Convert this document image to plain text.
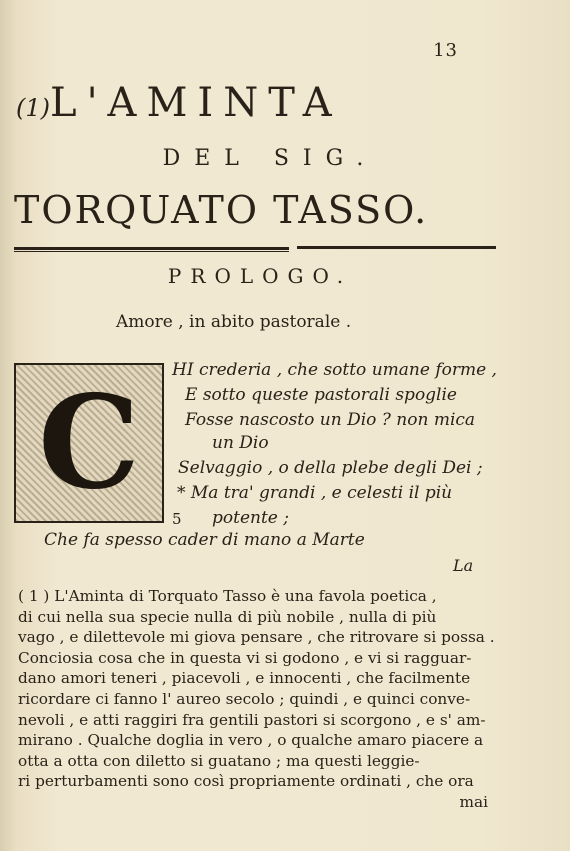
13
(1)L'AMINTA
DEL SIG.
TORQUATO TASSO.
PROLOGO.
Amore , in abito pastorale .
C	HI crederia , che sotto umane forme ,
E sotto queste pastorali spoglie
Fosse nascosto un Dio ? non mica
un Dio
Selvaggio , o della plebe degli Dei ;
* Ma tra' grandi , e celesti il più
5 potente ;
Che fa spesso cader di mano a Marte
La

( 1 ) L'Aminta di Torquato Tasso è una favola poetica ,

di cui nella sua specie nulla di più nobile , nulla di più

vago , e dilettevole mi giova pensare , che ritrovare si possa .

Conciosia cosa che in questa vi si godono , e vi si ragguar-

dano amori teneri , piacevoli , e innocenti , che facilmente

ricordare ci fanno l' aureo secolo ; quindi , e quinci conve-

nevoli , e atti raggiri fra gentili pastori si scorgono , e s' am-

mirano . Qualche doglia in vero , o qualche amaro piacere a

otta a otta con diletto si guatano ; ma questi leggie-

ri perturbamenti sono così propriamente ordinati , che ora

mai
